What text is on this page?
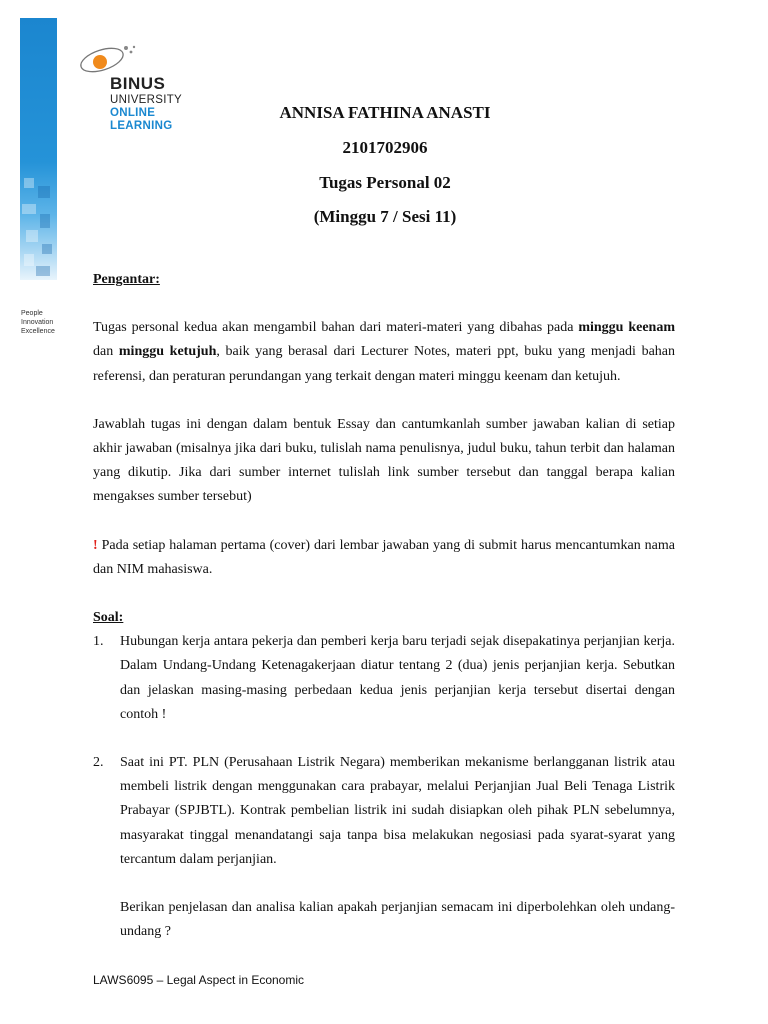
People
Innovation
Excellence
BINUS
UNIVERSITY
ONLINE
LEARNING
ANNISA FATHINA ANASTI
2101702906
Tugas Personal 02
(Minggu 7 / Sesi 11)

Pengantar:

Tugas personal kedua akan mengambil bahan dari materi-materi yang dibahas pada minggu keenam dan minggu ketujuh, baik yang berasal dari Lecturer Notes, materi ppt, buku yang menjadi bahan referensi, dan peraturan perundangan yang terkait dengan materi minggu keenam dan ketujuh.

Jawablah tugas ini dengan dalam bentuk Essay dan cantumkanlah sumber jawaban kalian di setiap akhir jawaban (misalnya jika dari buku, tulislah nama penulisnya, judul buku, tahun terbit dan halaman yang dikutip. Jika dari sumber internet tulislah link sumber tersebut dan tanggal berapa kalian mengakses sumber tersebut)

! Pada setiap halaman pertama (cover) dari lembar jawaban yang di submit harus mencantumkan nama dan NIM mahasiswa.

Soal:

1. Hubungan kerja antara pekerja dan pemberi kerja baru terjadi sejak disepakatinya perjanjian kerja. Dalam Undang-Undang Ketenagakerjaan diatur tentang 2 (dua) jenis perjanjian kerja. Sebutkan dan jelaskan masing-masing perbedaan kedua jenis perjanjian kerja tersebut disertai dengan contoh !

2. Saat ini PT. PLN (Perusahaan Listrik Negara) memberikan mekanisme berlangganan listrik atau membeli listrik dengan menggunakan cara prabayar, melalui Perjanjian Jual Beli Tenaga Listrik Prabayar (SPJBTL). Kontrak pembelian listrik ini sudah disiapkan oleh pihak PLN sebelumnya, masyarakat tinggal menandatangi saja tanpa bisa melakukan negosiasi pada syarat-syarat yang tercantum dalam perjanjian.

Berikan penjelasan dan analisa kalian apakah perjanjian semacam ini diperbolehkan oleh undang-undang ?

LAWS6095 – Legal Aspect in Economic
